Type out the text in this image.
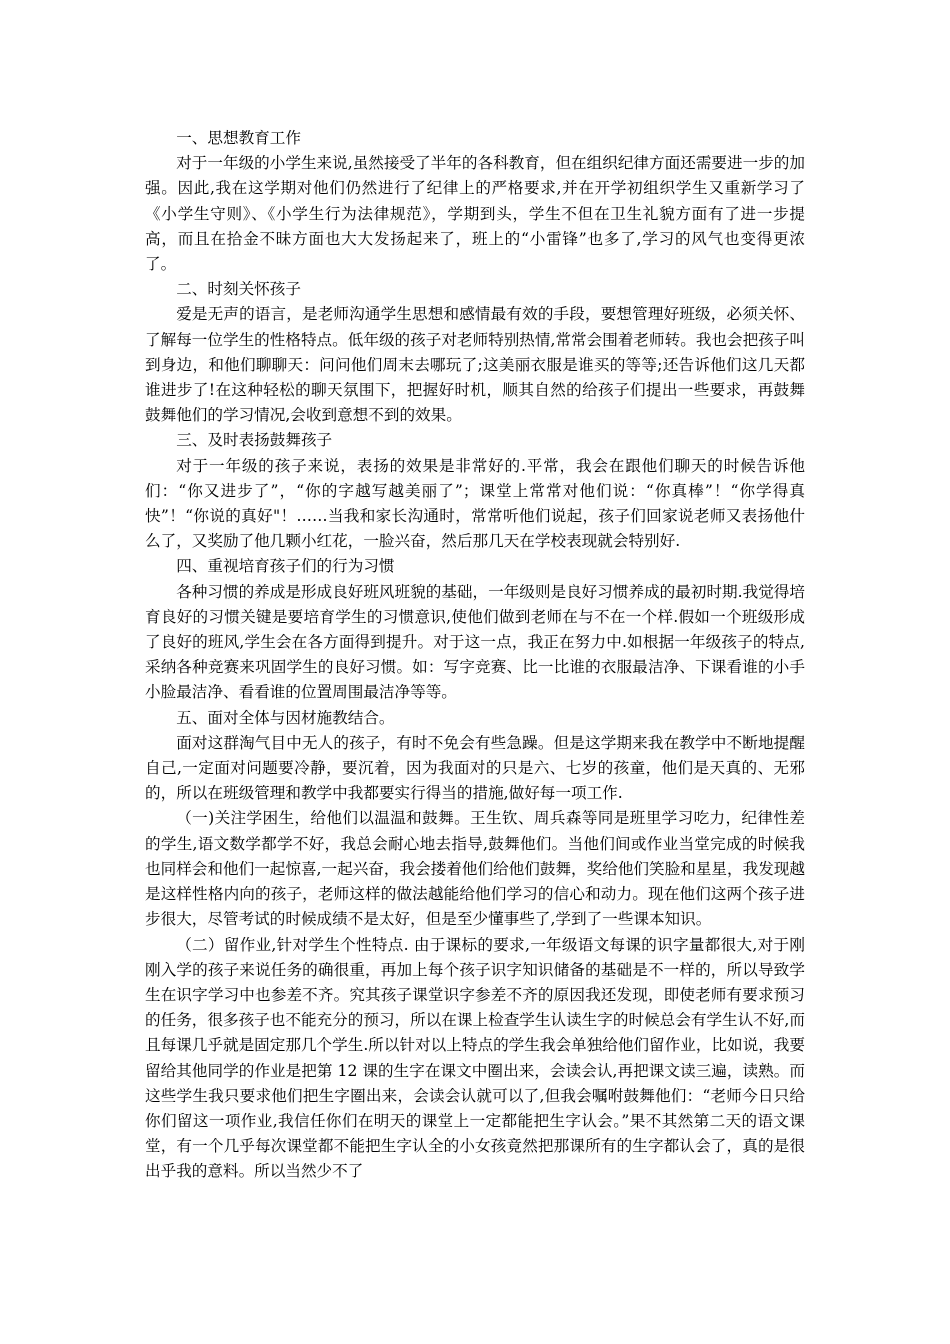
一、思想教育工作

对于一年级的小学生来说,虽然接受了半年的各科教育，但在组织纪律方面还需要进一步的加强。因此,我在这学期对他们仍然进行了纪律上的严格要求,并在开学初组织学生又重新学习了《小学生守则》、《小学生行为法律规范》，学期到头，学生不但在卫生礼貌方面有了进一步提高，而且在拾金不昧方面也大大发扬起来了，班上的“小雷锋”也多了,学习的风气也变得更浓了。

二、时刻关怀孩子

爱是无声的语言，是老师沟通学生思想和感情最有效的手段，要想管理好班级，必须关怀、了解每一位学生的性格特点。低年级的孩子对老师特别热情,常常会围着老师转。我也会把孩子叫到身边，和他们聊聊天：问问他们周末去哪玩了;这美丽衣服是谁买的等等;还告诉他们这几天都谁进步了!在这种轻松的聊天氛围下，把握好时机，顺其自然的给孩子们提出一些要求，再鼓舞鼓舞他们的学习情况,会收到意想不到的效果。

三、及时表扬鼓舞孩子

对于一年级的孩子来说，表扬的效果是非常好的.平常，我会在跟他们聊天的时候告诉他们：“你又进步了”，“你的字越写越美丽了”；课堂上常常对他们说：“你真棒”！“你学得真快”！“你说的真好"！……当我和家长沟通时，常常听他们说起，孩子们回家说老师又表扬他什么了，又奖励了他几颗小红花，一脸兴奋，然后那几天在学校表现就会特别好.

四、重视培育孩子们的行为习惯

各种习惯的养成是形成良好班风班貌的基础，一年级则是良好习惯养成的最初时期.我觉得培育良好的习惯关键是要培育学生的习惯意识,使他们做到老师在与不在一个样.假如一个班级形成了良好的班风,学生会在各方面得到提升。对于这一点，我正在努力中.如根据一年级孩子的特点,采纳各种竞赛来巩固学生的良好习惯。如：写字竞赛、比一比谁的衣服最洁净、下课看谁的小手小脸最洁净、看看谁的位置周围最洁净等等。

五、面对全体与因材施教结合。

面对这群淘气目中无人的孩子，有时不免会有些急躁。但是这学期来我在教学中不断地提醒自己,一定面对问题要冷静，要沉着，因为我面对的只是六、七岁的孩童，他们是天真的、无邪的，所以在班级管理和教学中我都要实行得当的措施,做好每一项工作.

（一)关注学困生，给他们以温温和鼓舞。王生钦、周兵森等同是班里学习吃力，纪律性差的学生,语文数学都学不好，我总会耐心地去指导,鼓舞他们。当他们间或作业当堂完成的时候我也同样会和他们一起惊喜,一起兴奋，我会搂着他们给他们鼓舞，奖给他们笑脸和星星，我发现越是这样性格内向的孩子，老师这样的做法越能给他们学习的信心和动力。现在他们这两个孩子进步很大，尽管考试的时候成绩不是太好，但是至少懂事些了,学到了一些课本知识。

（二）留作业,针对学生个性特点. 由于课标的要求,一年级语文每课的识字量都很大,对于刚刚入学的孩子来说任务的确很重，再加上每个孩子识字知识储备的基础是不一样的，所以导致学生在识字学习中也参差不齐。究其孩子课堂识字参差不齐的原因我还发现，即使老师有要求预习的任务，很多孩子也不能充分的预习，所以在课上检查学生认读生字的时候总会有学生认不好,而且每课几乎就是固定那几个学生.所以针对以上特点的学生我会单独给他们留作业，比如说，我要留给其他同学的作业是把第 12 课的生字在课文中圈出来，会读会认,再把课文读三遍，读熟。而这些学生我只要求他们把生字圈出来，会读会认就可以了,但我会嘱咐鼓舞他们：“老师今日只给你们留这一项作业,我信任你们在明天的课堂上一定都能把生字认会。”果不其然第二天的语文课堂，有一个几乎每次课堂都不能把生字认全的小女孩竟然把那课所有的生字都认会了，真的是很出乎我的意料。所以当然少不了
